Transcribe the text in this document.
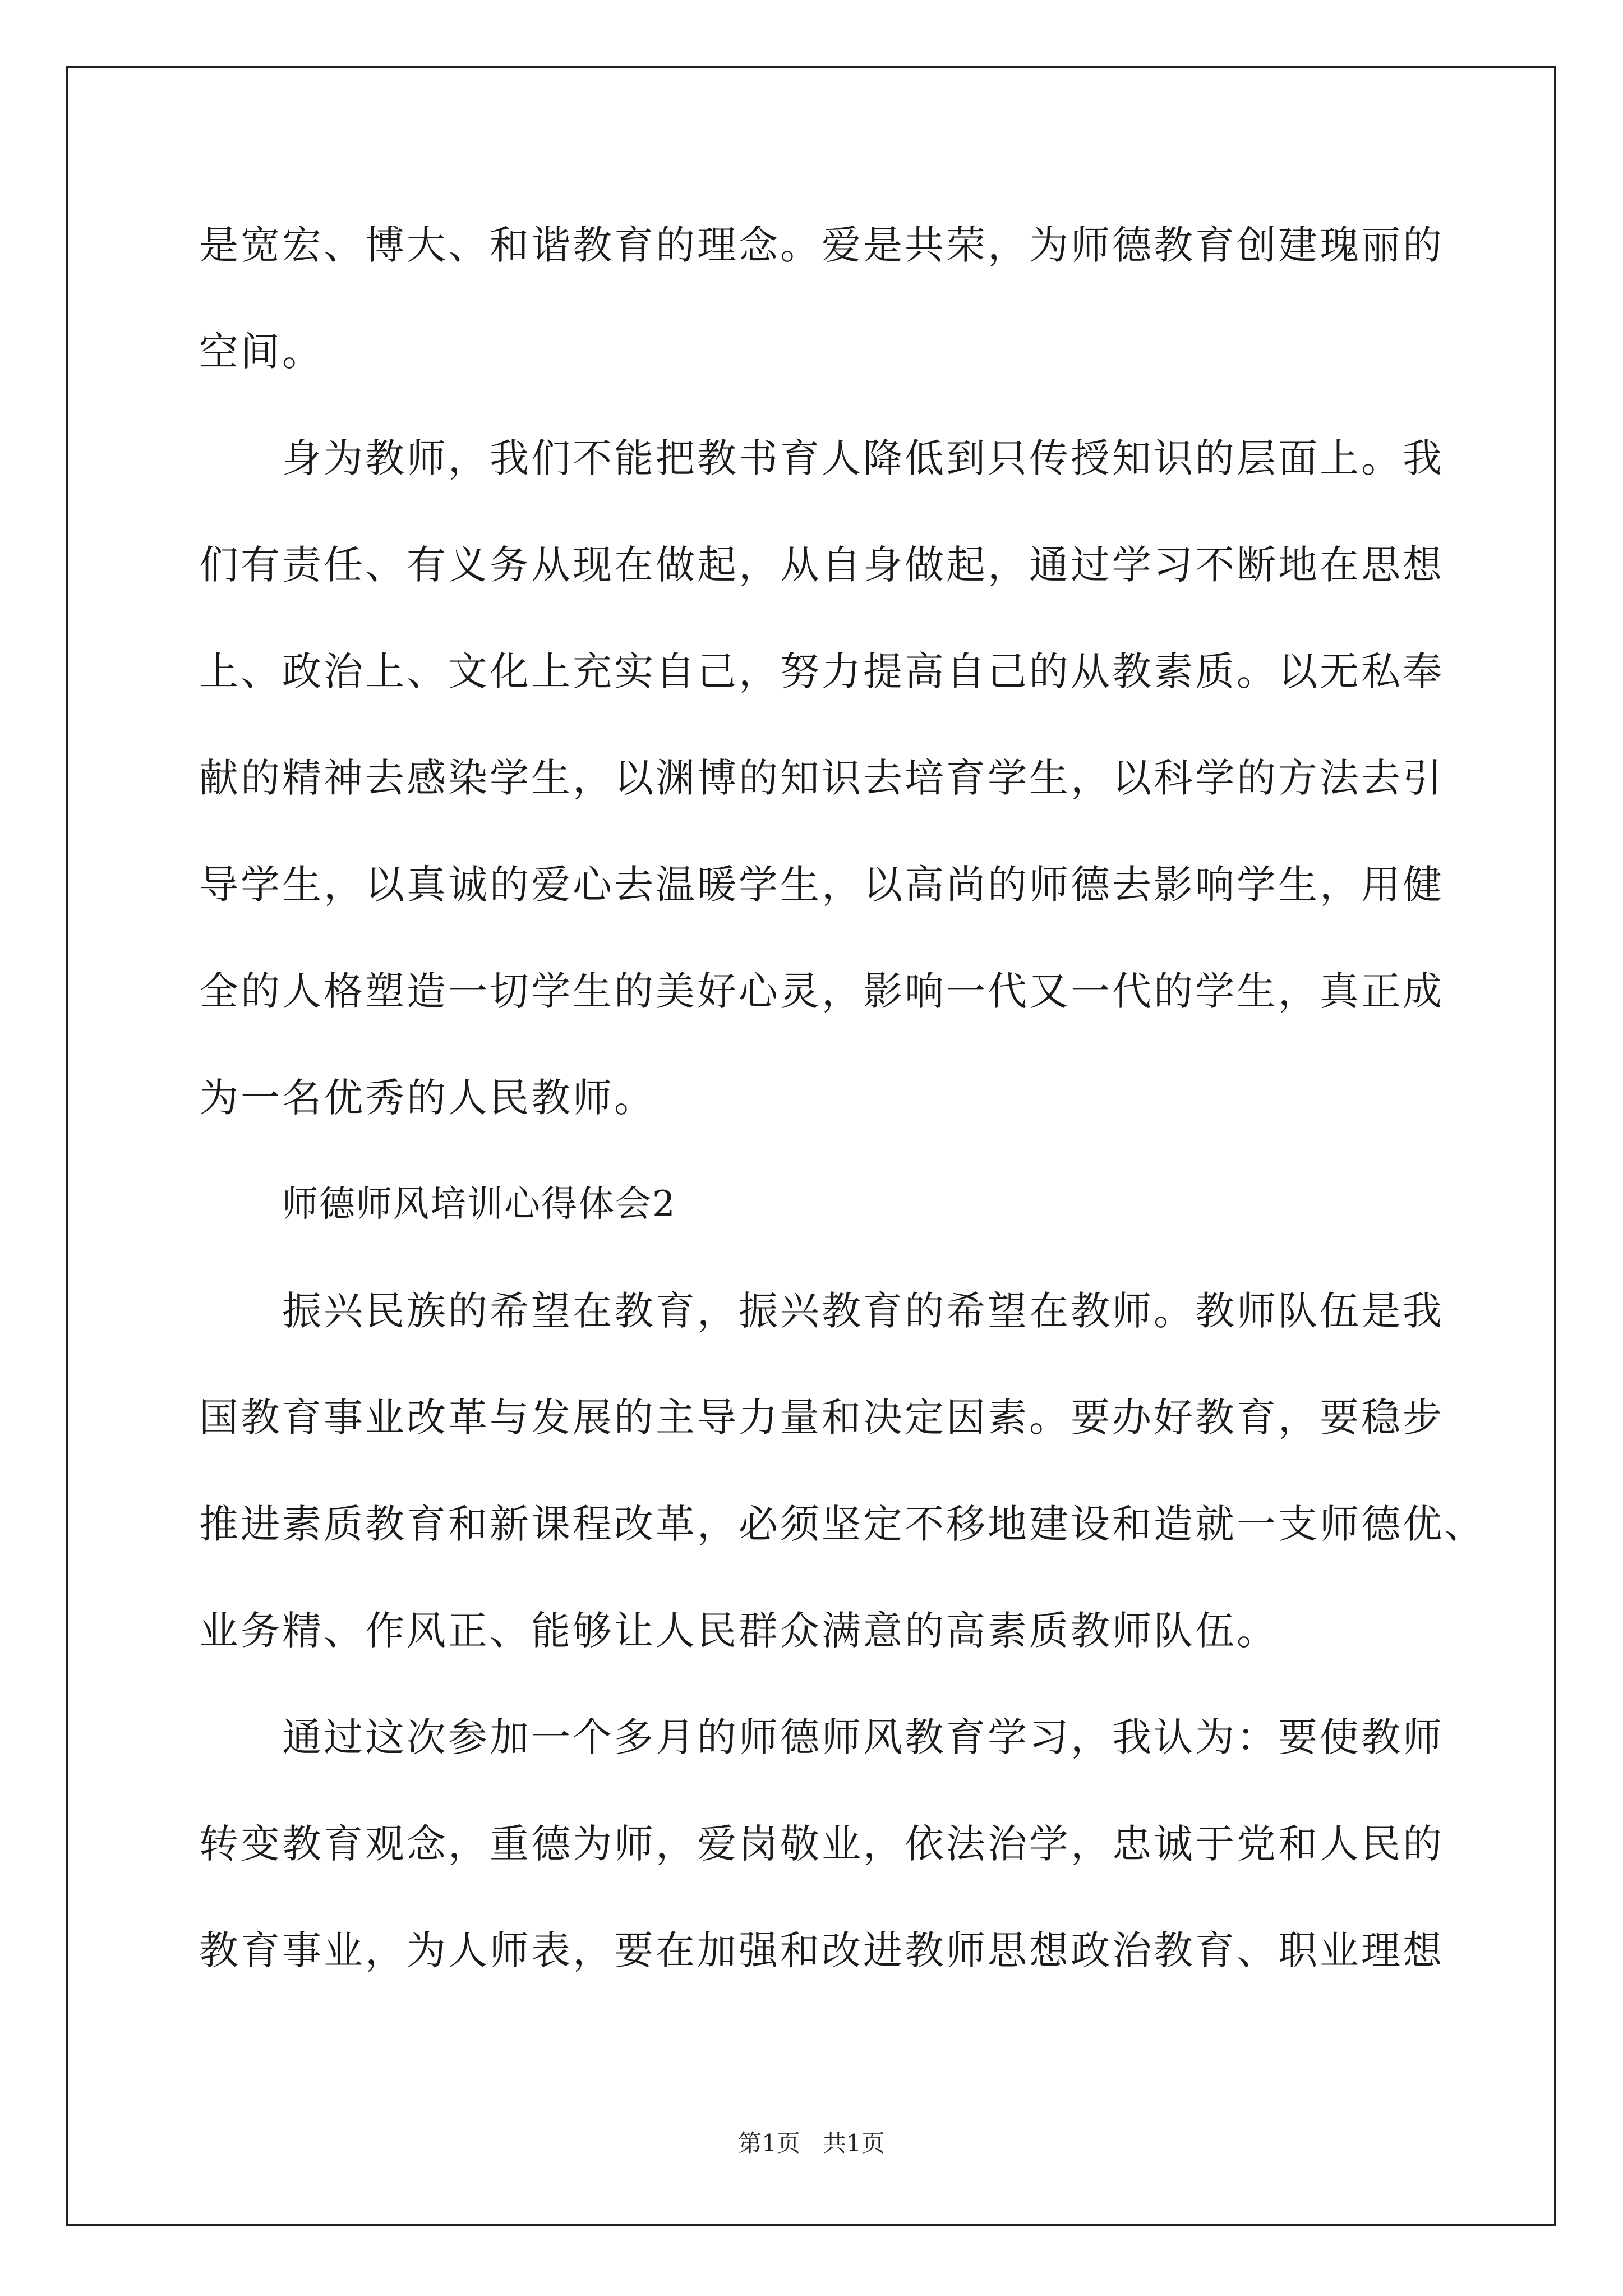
是宽宏、博大、和谐教育的理念。爱是共荣，为师德教育创建瑰丽的
空间。
身为教师，我们不能把教书育人降低到只传授知识的层面上。我
们有责任、有义务从现在做起，从自身做起，通过学习不断地在思想
上、政治上、文化上充实自己，努力提高自己的从教素质。以无私奉
献的精神去感染学生，以渊博的知识去培育学生，以科学的方法去引
导学生，以真诚的爱心去温暖学生，以高尚的师德去影响学生，用健
全的人格塑造一切学生的美好心灵，影响一代又一代的学生，真正成
为一名优秀的人民教师。
师德师风培训心得体会2
振兴民族的希望在教育，振兴教育的希望在教师。教师队伍是我
国教育事业改革与发展的主导力量和决定因素。要办好教育，要稳步
推进素质教育和新课程改革，必须坚定不移地建设和造就一支师德优、
业务精、作风正、能够让人民群众满意的高素质教师队伍。
通过这次参加一个多月的师德师风教育学习，我认为：要使教师
转变教育观念，重德为师，爱岗敬业，依法治学，忠诚于党和人民的
教育事业，为人师表，要在加强和改进教师思想政治教育、职业理想
第1页   共1页
